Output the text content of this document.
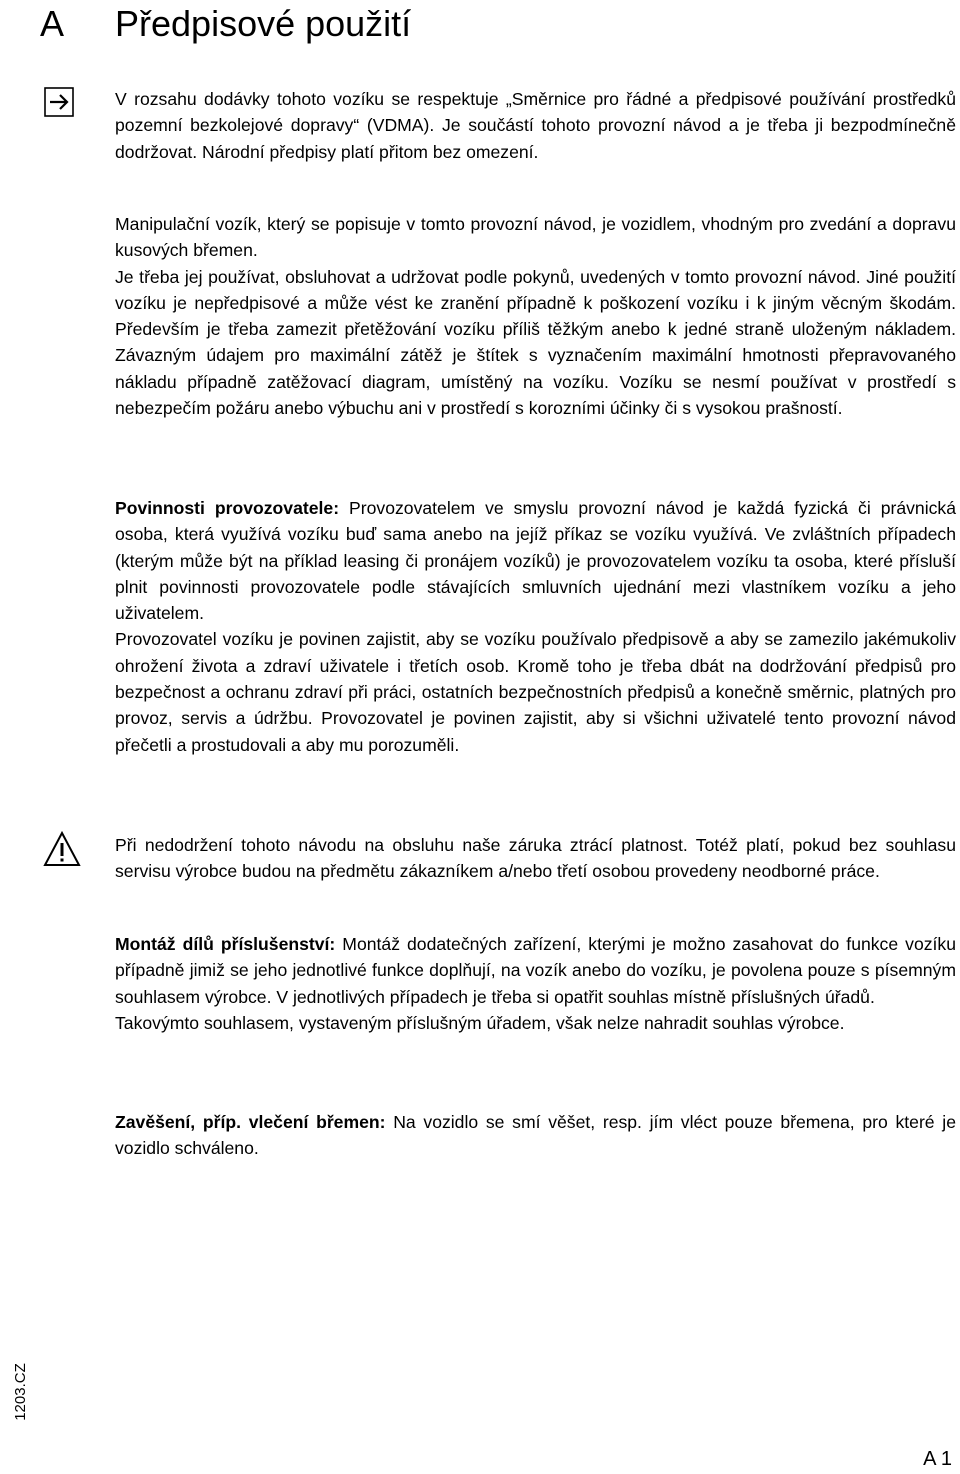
A Předpisové použití

V rozsahu dodávky tohoto vozíku se respektuje „Směrnice pro řádné a předpisové používání prostředků pozemní bezkolejové dopravy“ (VDMA). Je součástí tohoto provozní návod a je třeba ji bezpodmínečně dodržovat. Národní předpisy platí přitom bez omezení.

Manipulační vozík, který se popisuje v tomto provozní návod, je vozidlem, vhodným pro zvedání a dopravu kusových břemen.

Je třeba jej používat, obsluhovat a udržovat podle pokynů, uvedených v tomto provozní návod. Jiné použití vozíku je nepředpisové a může vést ke zranění případně k poškození vozíku i k jiným věcným škodám. Především je třeba zamezit přetěžování vozíku příliš těžkým anebo k jedné straně uloženým nákladem. Závazným údajem pro maximální zátěž je štítek s vyznačením maximální hmotnosti přepravovaného nákladu případně zatěžovací diagram, umístěný na vozíku. Vozíku se nesmí používat v prostředí s nebezpečím požáru anebo výbuchu ani v prostředí s korozními účinky či s vysokou prašností.

Povinnosti provozovatele: Provozovatelem ve smyslu provozní návod je každá fyzická či právnická osoba, která využívá vozíku buď sama anebo na jejíž příkaz se vozíku využívá. Ve zvláštních případech (kterým může být na příklad leasing či pronájem vozíků) je provozovatelem vozíku ta osoba, které přísluší plnit povinnosti provozovatele podle stávajících smluvních ujednání mezi vlastníkem vozíku a jeho uživatelem.

Provozovatel vozíku je povinen zajistit, aby se vozíku používalo předpisově a aby se zamezilo jakémukoliv ohrožení života a zdraví uživatele i třetích osob. Kromě toho je třeba dbát na dodržování předpisů pro bezpečnost a ochranu zdraví při práci, ostatních bezpečnostních předpisů a konečně směrnic, platných pro provoz, servis a údržbu. Provozovatel je povinen zajistit, aby si všichni uživatelé tento provozní návod přečetli a prostudovali a aby mu porozuměli.

Při nedodržení tohoto návodu na obsluhu naše záruka ztrácí platnost. Totéž platí, pokud bez souhlasu servisu výrobce budou na předmětu zákazníkem a/nebo třetí osobou provedeny neodborné práce.

Montáž dílů příslušenství: Montáž dodatečných zařízení, kterými je možno zasahovat do funkce vozíku případně jimiž se jeho jednotlivé funkce doplňují, na vozík anebo do vozíku, je povolena pouze s písemným souhlasem výrobce. V jednotlivých případech je třeba si opatřit souhlas místně příslušných úřadů.

Takovýmto souhlasem, vystaveným příslušným úřadem, však nelze nahradit souhlas výrobce.

Zavěšení, příp. vlečení břemen: Na vozidlo se smí věšet, resp. jím vléct pouze břemena, pro které je vozidlo schváleno.

1203.CZ
A 1
